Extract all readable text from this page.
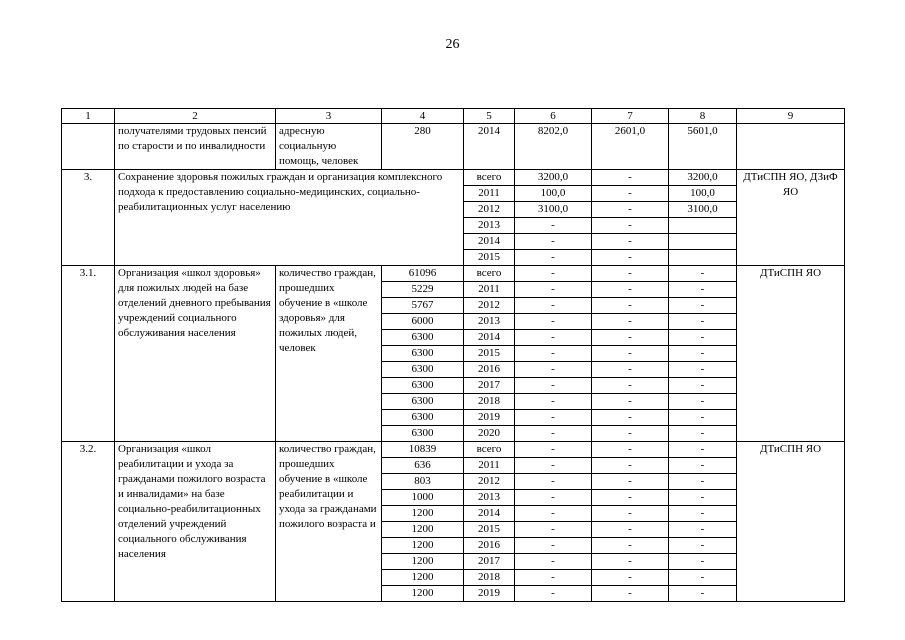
26
1	2	3	4	5	6	7	8	9
	получателями трудовых пенсий по старости и по инвалидности	адресную социальную помощь, человек	280	2014	8202,0	2601,0	5601,0	
3.	Сохранение здоровья пожилых граждан и организация комплексного подхода к предоставлению социально-медицинских, социально-реабилитационных услуг населению			всего	3200,0	-	3200,0	ДТиСПН ЯО, ДЗиФ ЯО
				2011	100,0	-	100,0	
				2012	3100,0	-	3100,0	
				2013	-	-		
				2014	-	-		
				2015	-	-		
3.1.	Организация «школ здоровья» для пожилых людей на базе отделений дневного пребывания учреждений социального обслуживания населения	количество граждан, прошедших обучение в «школе здоровья» для пожилых людей, человек	61096	всего	-	-	-	ДТиСПН ЯО
			5229	2011	-	-	-	
			5767	2012	-	-	-	
			6000	2013	-	-	-	
			6300	2014	-	-	-	
			6300	2015	-	-	-	
			6300	2016	-	-	-	
			6300	2017	-	-	-	
			6300	2018	-	-	-	
			6300	2019	-	-	-	
			6300	2020	-	-	-	
3.2.	Организация «школ реабилитации и ухода за гражданами пожилого возраста и инвалидами» на базе социально-реабилитационных отделений учреждений социального обслуживания населения	количество граждан, прошедших обучение в «школе реабилитации и ухода за гражданами пожилого возраста и	10839	всего	-	-	-	ДТиСПН ЯО
			636	2011	-	-	-	
			803	2012	-	-	-	
			1000	2013	-	-	-	
			1200	2014	-	-	-	
			1200	2015	-	-	-	
			1200	2016	-	-	-	
			1200	2017	-	-	-	
			1200	2018	-	-	-	
			1200	2019	-	-	-	
